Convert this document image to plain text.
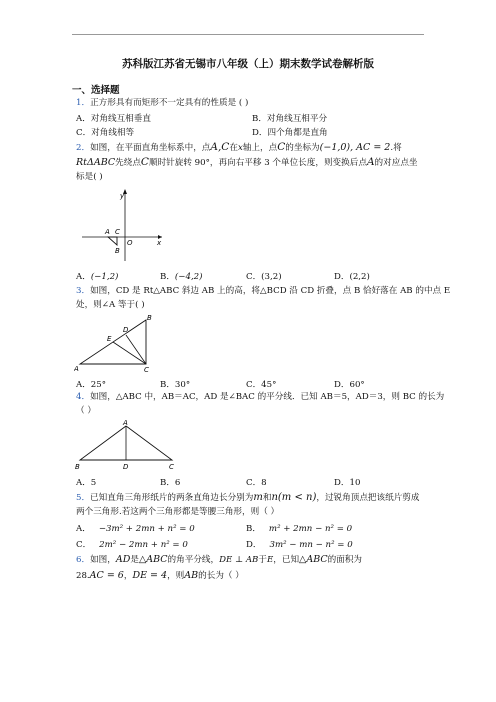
苏科版江苏省无锡市八年级（上）期末数学试卷解析版
一、选择题
1．正方形具有而矩形不一定具有的性质是 ( )
A．对角线互相垂直	B．对角线互相平分
C．对角线相等	D．四个角都是直角
2．如图，在平面直角坐标系中，点A,C在x轴上，点C的坐标为(−1,0), AC = 2.将
RtΔABC先绕点C顺时针旋转 90°，再向右平移 3 个单位长度，则变换后点A的对应点坐
标是( )
y
A C
O	x
B
A．(−1,2)	B．(−4,2)	C．(3,2)	D．(2,2)
3．如图，CD 是 Rt△ABC 斜边 AB 上的高，将△BCD 沿 CD 折叠，点 B 恰好落在 AB 的中点 E
处，则∠A 等于( )
B
D
E
A	C
A．25°	B．30°	C．45°	D．60°
4．如图，△ABC 中，AB＝AC，AD 是∠BAC 的平分线．已知 AB＝5，AD＝3，则 BC 的长为
（ ）
A
B	D	C
A．5	B．6	C．8	D．10
5．已知直角三角形纸片的两条直角边长分别为m和n(m < n)，过锐角顶点把该纸片剪成
两个三角形.若这两个三角形都是等腰三角形，则（ ）
A． −3m² + 2mn + n² = 0	B． m² + 2mn − n² = 0
C． 2m² − 2mn + n² = 0	D． 3m² − mn − n² = 0
6．如图，AD是△ABC的角平分线，DE ⊥ AB于E，已知△ABC的面积为
28.AC = 6，DE = 4，则AB的长为（ ）
